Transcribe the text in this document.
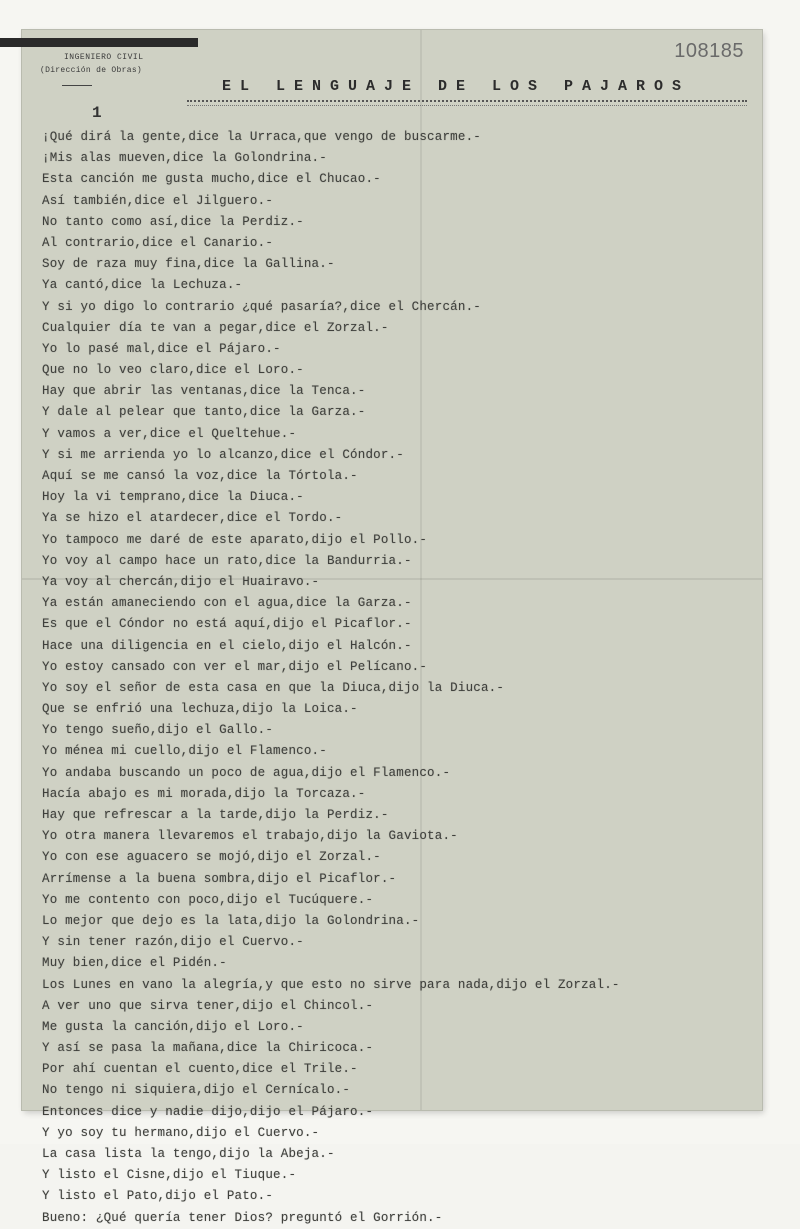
INGENIERO CIVIL
(Dirección de Obras)
108185
EL LENGUAJE DE LOS PAJAROS
1
¡Qué dirá la gente,dice la Urraca,que vengo de buscarme.-
¡Mis alas mueven,dice la Golondrina.-
Esta canción me gusta mucho,dice el Chucao.-
Así también,dice el Jilguero.-
No tanto como así,dice la Perdiz.-
Al contrario,dice el Canario.-
Soy de raza muy fina,dice la Gallina.-
Ya cantó,dice la Lechuza.-
Y si yo digo lo contrario ¿qué pasaría?,dice el Chercán.-
Cualquier día te van a pegar,dice el Zorzal.-
Yo lo pasé mal,dice el Pájaro.-
Que no lo veo claro,dice el Loro.-
Hay que abrir las ventanas,dice la Tenca.-
Y dale al pelear que tanto,dice la Garza.-
Y vamos a ver,dice el Queltehue.-
Y si me arrienda yo lo alcanzo,dice el Cóndor.-
Aquí se me cansó la voz,dice la Tórtola.-
Hoy la vi temprano,dice la Diuca.-
Ya se hizo el atardecer,dice el Tordo.-
Yo tampoco me daré de este aparato,dijo el Pollo.-
Yo voy al campo hace un rato,dice la Bandurria.-
Ya voy al chercán,dijo el Huairavo.-
Ya están amaneciendo con el agua,dice la Garza.-
Es que el Cóndor no está aquí,dijo el Picaflor.-
Hace una diligencia en el cielo,dijo el Halcón.-
Yo estoy cansado con ver el mar,dijo el Pelícano.-
Yo soy el señor de esta casa en que la Diuca,dijo la Diuca.-
Que se enfrió una lechuza,dijo la Loica.-
Yo tengo sueño,dijo el Gallo.-
Yo ménea mi cuello,dijo el Flamenco.-
Yo andaba buscando un poco de agua,dijo el Flamenco.-
Hacía abajo es mi morada,dijo la Torcaza.-
Hay que refrescar a la tarde,dijo la Perdiz.-
Yo otra manera llevaremos el trabajo,dijo la Gaviota.-
Yo con ese aguacero se mojó,dijo el Zorzal.-
Arrímense a la buena sombra,dijo el Picaflor.-
Yo me contento con poco,dijo el Tucúquere.-
Lo mejor que dejo es la lata,dijo la Golondrina.-
Y sin tener razón,dijo el Cuervo.-
Muy bien,dice el Pidén.-
Los Lunes en vano la alegría,y que esto no sirve para nada,dijo el Zorzal.-
A ver uno que sirva tener,dijo el Chincol.-
Me gusta la canción,dijo el Loro.-
Y así se pasa la mañana,dice la Chiricoca.-
Por ahí cuentan el cuento,dice el Trile.-
No tengo ni siquiera,dijo el Cernícalo.-
Entonces dice y nadie dijo,dijo el Pájaro.-
Y yo soy tu hermano,dijo el Cuervo.-
La casa lista la tengo,dijo la Abeja.-
Y listo el Cisne,dijo el Tiuque.-
Y listo el Pato,dijo el Pato.-
Bueno: ¿Qué quería tener Dios? preguntó el Gorrión.-
